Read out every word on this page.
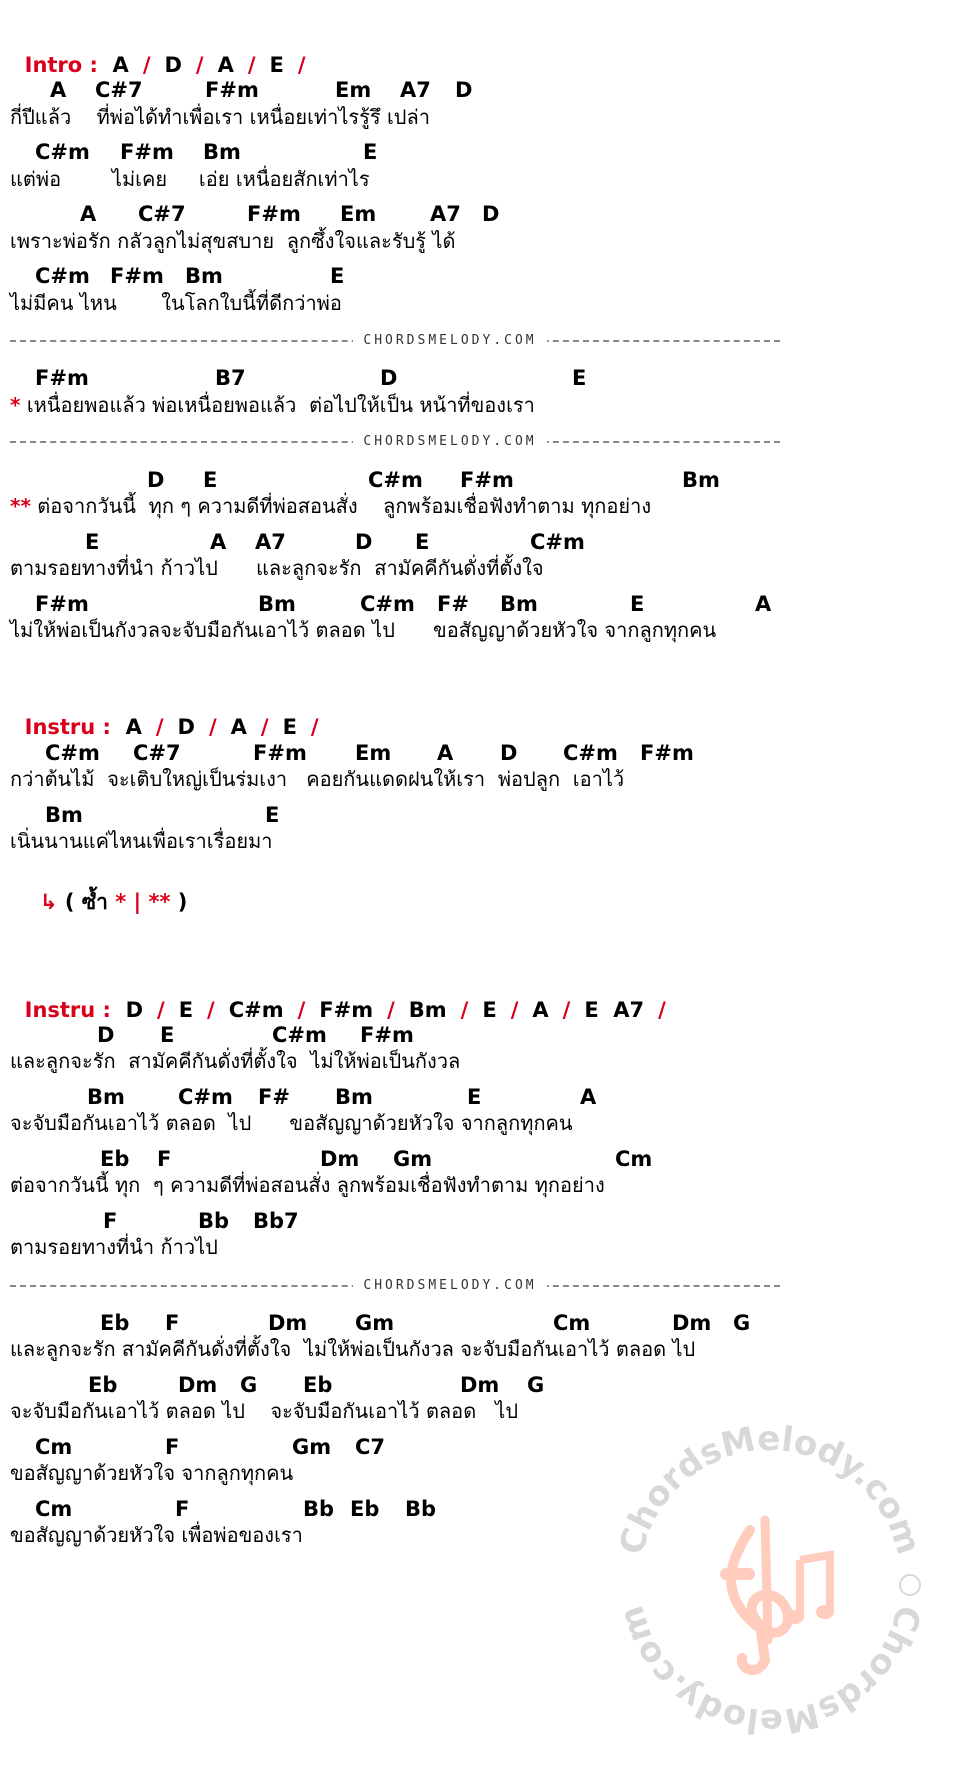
Intro : A / D / A / E /

A C#7	F#m	Em A7 D
กี่ปีแล้ว    ที่พ่อได้ทำเพื่อเรา เหนื่อยเท่าไรรู้รึ เปล่า
C#m F#m Bm	E
แต่พ่อ        ไม่เคย     เอ่ย เหนื่อยสักเท่าไร
A C#7	F#m Em	A7 D
เพราะพ่อรัก กลัวลูกไม่สุขสบาย  ลูกซึ้งใจและรับรู้ ได้
C#m F#m Bm	E
ไม่มีคน ไหน       ในโลกใบนี้ที่ดีกว่าพ่อ
CHORDSMELODY.COM
F#m	B7	D	E
* เหนื่อยพอแล้ว พ่อเหนื่อยพอแล้ว  ต่อไปให้เป็น หน้าที่ของเรา
CHORDSMELODY.COM
D E	C#m F#m	Bm
** ต่อจากวันนี้  ทุก ๆ ความดีที่พ่อสอนสั่ง    ลูกพร้อมเชื่อฟังทำตาม ทุกอย่าง
E	A A7	D E	C#m
ตามรอยทางที่นำ ก้าวไป      และลูกจะรัก  สามัคคีกันดั่งที่ตั้งใจ
F#m	Bm	C#m F# Bm	E	A
ไม่ให้พ่อเป็นกังวลจะจับมือกันเอาไว้ ตลอด ไป      ขอสัญญาด้วยหัวใจ จากลูกทุกคน

Instru : A / D / A / E /

C#m C#7	F#m Em A D C#m F#m
กว่าต้นไม้  จะเติบใหญ่เป็นร่มเงา   คอยกันแดดฝนให้เรา  พ่อปลูก  เอาไว้
Bm	E
เนิ่นนานแค่ไหนเพื่อเราเรื่อยมา
↳ ( ซ้ำ * | ** )

Instru : D / E / C#m / F#m / Bm / E / A / E  A7 /

D E	C#m F#m
และลูกจะรัก  สามัคคีกันดั่งที่ตั้งใจ  ไม่ให้พ่อเป็นกังวล
Bm	C#m F# Bm	E	A
จะจับมือกันเอาไว้ ตลอด  ไป      ขอสัญญาด้วยหัวใจ จากลูกทุกคน
Eb F	Dm Gm	Cm
ต่อจากวันนี้ ทุก  ๆ ความดีที่พ่อสอนสั่ง ลูกพร้อมเชื่อฟังทำตาม ทุกอย่าง
F	Bb Bb7
ตามรอยทางที่นำ ก้าวไป
CHORDSMELODY.COM
Eb F	Dm Gm	Cm	Dm G
และลูกจะรัก สามัคคีกันดั่งที่ตั้งใจ  ไม่ให้พ่อเป็นกังวล จะจับมือกันเอาไว้ ตลอด ไป
Eb	Dm G Eb	Dm G
จะจับมือกันเอาไว้ ตลอด ไป    จะจับมือกันเอาไว้ ตลอด   ไป
Cm	F	Gm C7
ขอสัญญาด้วยหัวใจ จากลูกทุกคน
Cm	F	Bb Eb Bb
ขอสัญญาด้วยหัวใจ เพื่อพ่อของเรา	ChordsMelody.com
ChordsMelody.com
